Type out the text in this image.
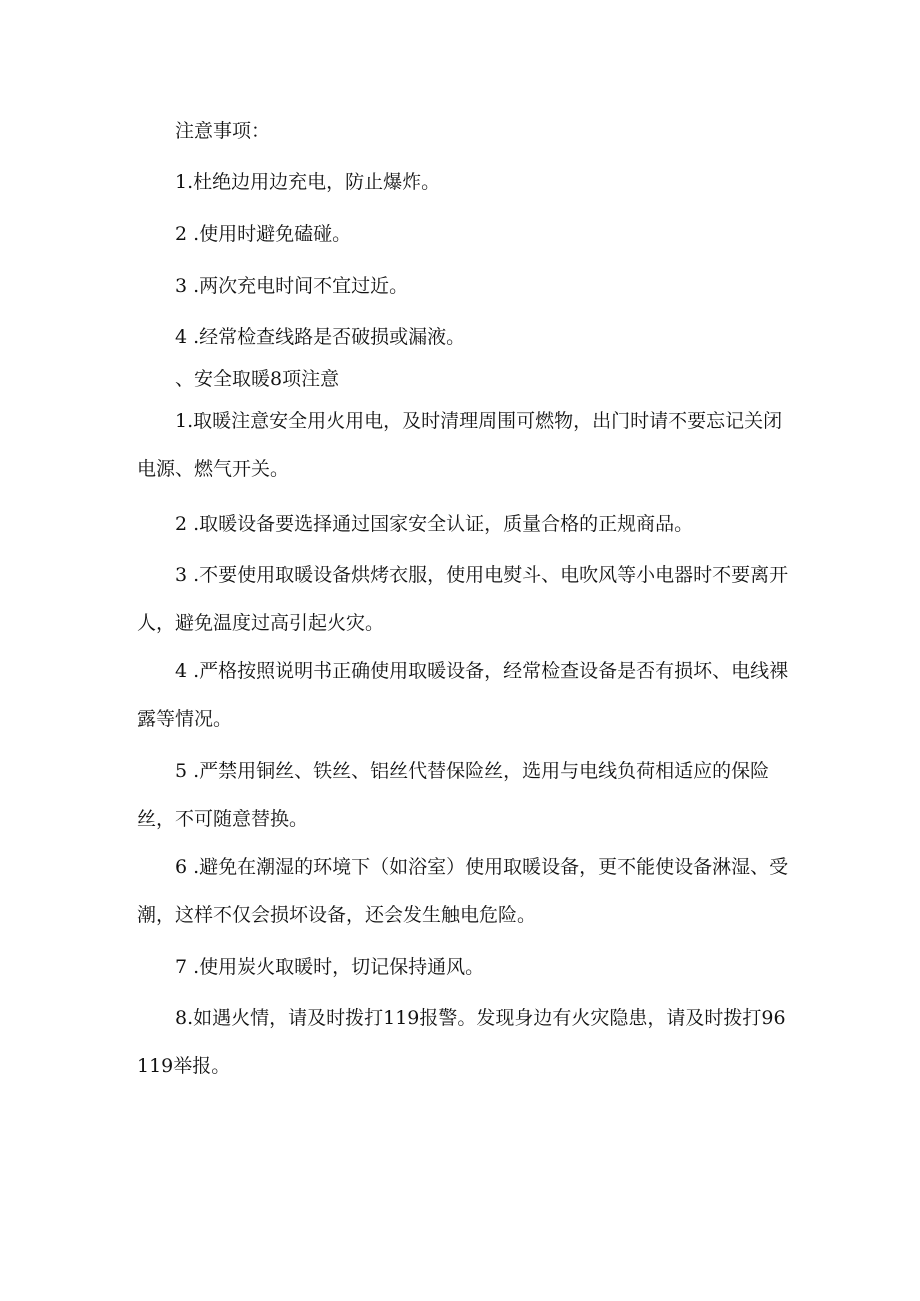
注意事项：

1.杜绝边用边充电，防止爆炸。

2 .使用时避免磕碰。

3 .两次充电时间不宜过近。

4 .经常检查线路是否破损或漏液。

、安全取暖8项注意

1.取暖注意安全用火用电，及时清理周围可燃物，出门时请不要忘记关闭电源、燃气开关。

2 .取暖设备要选择通过国家安全认证，质量合格的正规商品。

3 .不要使用取暖设备烘烤衣服，使用电熨斗、电吹风等小电器时不要离开人，避免温度过高引起火灾。

4 .严格按照说明书正确使用取暖设备，经常检查设备是否有损坏、电线裸露等情况。

5 .严禁用铜丝、铁丝、铝丝代替保险丝，选用与电线负荷相适应的保险丝，不可随意替换。

6 .避免在潮湿的环境下（如浴室）使用取暖设备，更不能使设备淋湿、受潮，这样不仅会损坏设备，还会发生触电危险。

7 .使用炭火取暖时，切记保持通风。

8.如遇火情，请及时拨打119报警。发现身边有火灾隐患，请及时拨打96119举报。
